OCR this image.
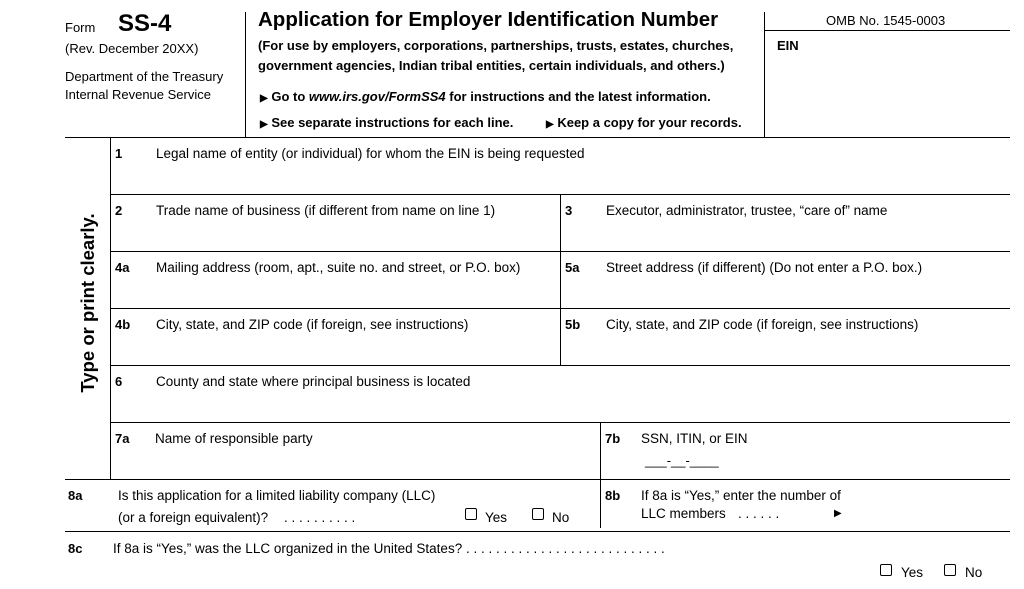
Form SS-4
(Rev. December 20XX)
Department of the Treasury
Internal Revenue Service
Application for Employer Identification Number
(For use by employers, corporations, partnerships, trusts, estates, churches,
government agencies, Indian tribal entities, certain individuals, and others.)
▶ Go to www.irs.gov/FormSS4 for instructions and the latest information.
▶ See separate instructions for each line.	▶ Keep a copy for your records.
OMB No. 1545-0003
EIN
Type or print clearly.
1	Legal name of entity (or individual) for whom the EIN is being requested
2	Trade name of business (if different from name on line 1)	3	Executor, administrator, trustee, “care of” name
4a Mailing address (room, apt., suite no. and street, or P.O. box)	5a Street address (if different) (Do not enter a P.O. box.)
4b City, state, and ZIP code (if foreign, see instructions)	5b City, state, and ZIP code (if foreign, see instructions)
6	County and state where principal business is located
7a Name of responsible party	7b SSN, ITIN, or EIN
___-__-____
8a	Is this application for a limited liability company (LLC)
(or a foreign equivalent)? . . . . . . . . . .	Yes	No
8b If 8a is “Yes,” enter the number of
LLC members . . . . . .	▶
8c If 8a is “Yes,” was the LLC organized in the United States? . . . . . . . . . . . . . . . . . . . . . . . . . . .
Yes	No
